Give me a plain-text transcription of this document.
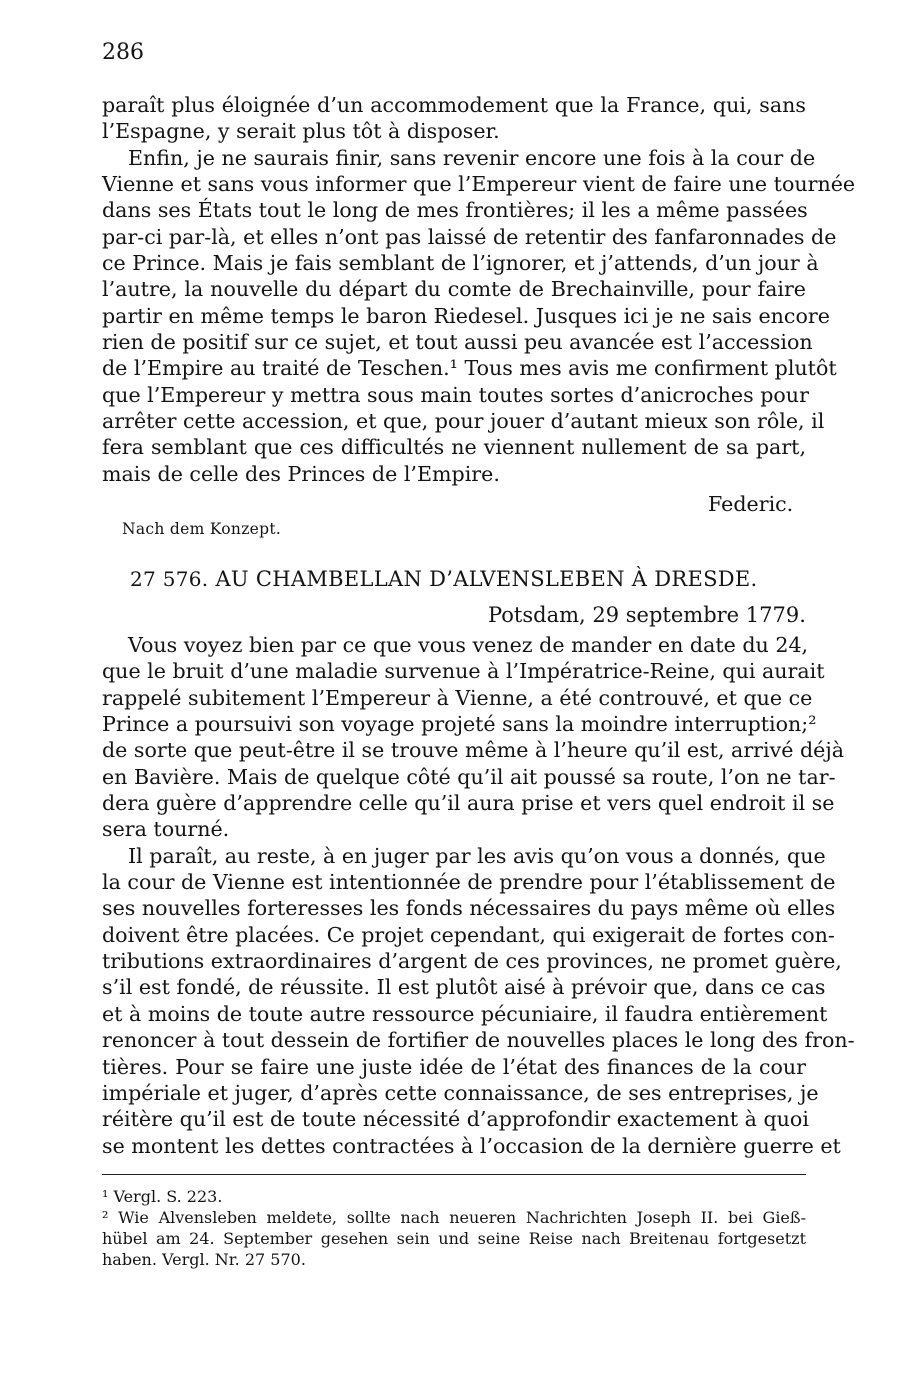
286
paraît plus éloignée d’un accommodement que la France, qui, sans
l’Espagne, y serait plus tôt à disposer.
Enfin, je ne saurais finir, sans revenir encore une fois à la cour de
Vienne et sans vous informer que l’Empereur vient de faire une tournée
dans ses États tout le long de mes frontières; il les a même passées
par-ci par-là, et elles n’ont pas laissé de retentir des fanfaronnades de
ce Prince. Mais je fais semblant de l’ignorer, et j’attends, d’un jour à
l’autre, la nouvelle du départ du comte de Brechainville, pour faire
partir en même temps le baron Riedesel. Jusques ici je ne sais encore
rien de positif sur ce sujet, et tout aussi peu avancée est l’accession
de l’Empire au traité de Teschen.¹ Tous mes avis me confirment plutôt
que l’Empereur y mettra sous main toutes sortes d’anicroches pour
arrêter cette accession, et que, pour jouer d’autant mieux son rôle, il
fera semblant que ces difficultés ne viennent nullement de sa part,
mais de celle des Princes de l’Empire.
Federic.
Nach dem Konzept.
27 576. AU CHAMBELLAN D’ALVENSLEBEN À DRESDE.
Potsdam, 29 septembre 1779.
Vous voyez bien par ce que vous venez de mander en date du 24,
que le bruit d’une maladie survenue à l’Impératrice-Reine, qui aurait
rappelé subitement l’Empereur à Vienne, a été controuvé, et que ce
Prince a poursuivi son voyage projeté sans la moindre interruption;²
de sorte que peut-être il se trouve même à l’heure qu’il est, arrivé déjà
en Bavière. Mais de quelque côté qu’il ait poussé sa route, l’on ne tar-
dera guère d’apprendre celle qu’il aura prise et vers quel endroit il se
sera tourné.
Il paraît, au reste, à en juger par les avis qu’on vous a donnés, que
la cour de Vienne est intentionnée de prendre pour l’établissement de
ses nouvelles forteresses les fonds nécessaires du pays même où elles
doivent être placées. Ce projet cependant, qui exigerait de fortes con-
tributions extraordinaires d’argent de ces provinces, ne promet guère,
s’il est fondé, de réussite. Il est plutôt aisé à prévoir que, dans ce cas
et à moins de toute autre ressource pécuniaire, il faudra entièrement
renoncer à tout dessein de fortifier de nouvelles places le long des fron-
tières. Pour se faire une juste idée de l’état des finances de la cour
impériale et juger, d’après cette connaissance, de ses entreprises, je
réitère qu’il est de toute nécessité d’approfondir exactement à quoi
se montent les dettes contractées à l’occasion de la dernière guerre et
¹ Vergl. S. 223.
² Wie Alvensleben meldete, sollte nach neueren Nachrichten Joseph II. bei Gieß-
hübel am 24. September gesehen sein und seine Reise nach Breitenau fortgesetzt
haben. Vergl. Nr. 27 570.
